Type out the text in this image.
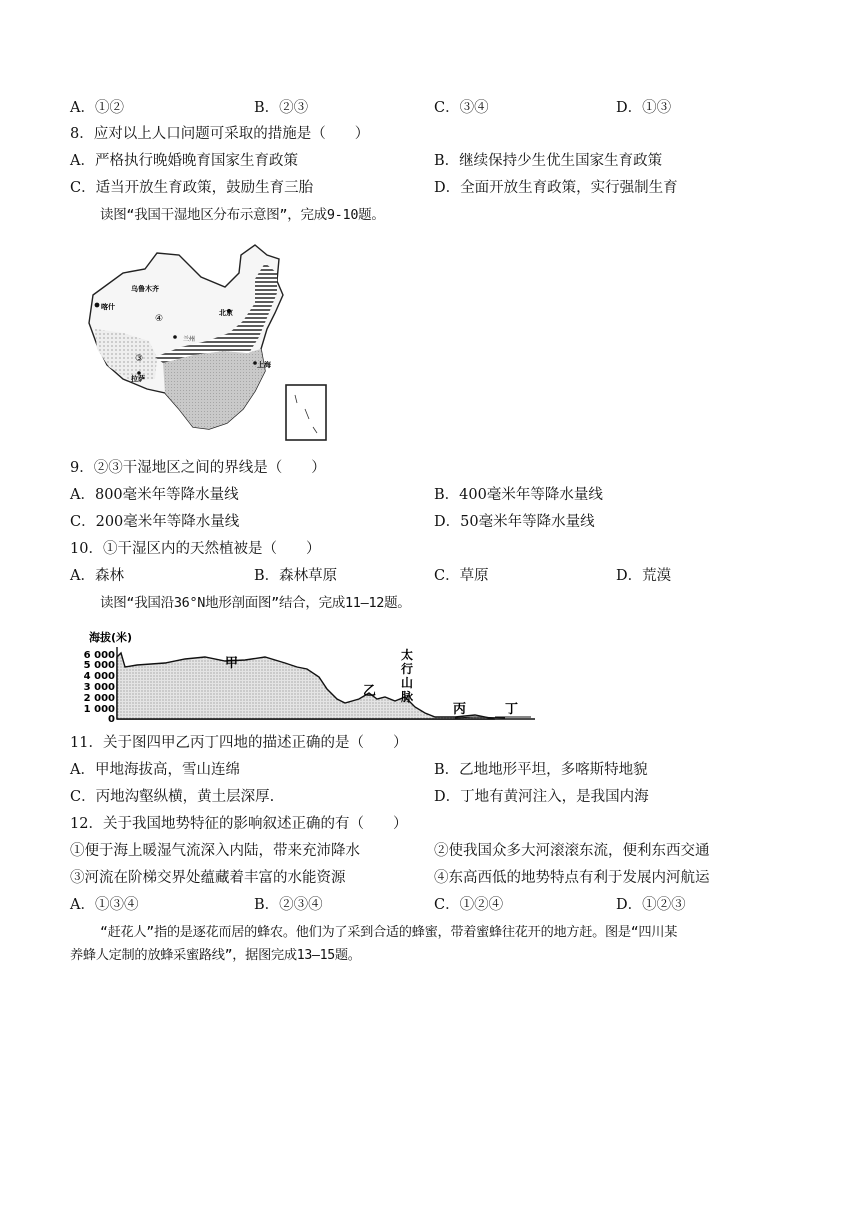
A．①②	B．②③	C．③④	D．①③
8．应对以上人口问题可采取的措施是（　　）
A．严格执行晚婚晚育国家生育政策	B．继续保持少生优生国家生育政策
C．适当开放生育政策，鼓励生育三胎	D．全面开放生育政策，实行强制生育
读图“我国干湿地区分布示意图”，完成9-10题。
乌鲁木齐
喀什
④
③
拉萨
北京
兰州
上海
9．②③干湿地区之间的界线是（　　）
A．800毫米年等降水量线	B．400毫米年等降水量线
C．200毫米年等降水量线	D．50毫米年等降水量线
10．①干湿区内的天然植被是（　　）
A．森林	B．森林草原	C．草原	D．荒漠
读图“我国沿36°N地形剖面图”结合，完成11—12题。
海拔(米)
6 000
5 000
4 000
3 000
2 000
1 000
0
甲
乙
太
行
山
脉
丙	丁
11．关于图四甲乙丙丁四地的描述正确的是（　　）
A．甲地海拔高，雪山连绵	B．乙地地形平坦，多喀斯特地貌
C．丙地沟壑纵横，黄土层深厚.	D．丁地有黄河注入，是我国内海
12．关于我国地势特征的影响叙述正确的有（　　）
①便于海上暖湿气流深入内陆，带来充沛降水	②使我国众多大河滚滚东流，便利东西交通
③河流在阶梯交界处蕴藏着丰富的水能资源	④东高西低的地势特点有利于发展内河航运
A．①③④	B．②③④	C．①②④	D．①②③
“赶花人”指的是逐花而居的蜂农。他们为了采到合适的蜂蜜，带着蜜蜂往花开的地方赶。图是“四川某
养蜂人定制的放蜂采蜜路线”，据图完成13—15题。
